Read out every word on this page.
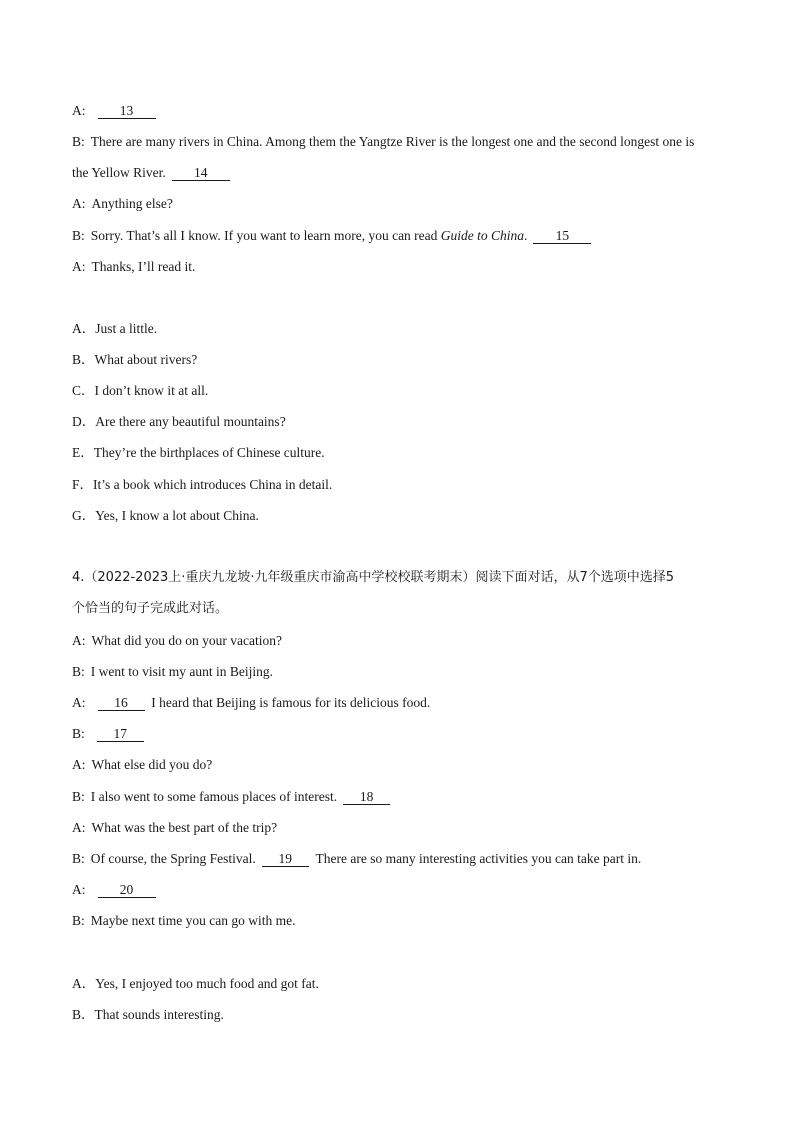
A:	13
B: There are many rivers in China. Among them the Yangtze River is the longest one and the second longest one is
the Yellow River. 14
A: Anything else?
B: Sorry. That’s all I know. If you want to learn more, you can read Guide to China. 15
A: Thanks, I’ll read it.
A．Just a little.
B．What about rivers?
C．I don’t know it at all.
D．Are there any beautiful mountains?
E．They’re the birthplaces of Chinese culture.
F．It’s a book which introduces China in detail.
G．Yes, I know a lot about China.
4.（2022-2023上·重庆九龙坡·九年级重庆市渝高中学校校联考期末）阅读下面对话，从7个选项中选择5
个恰当的句子完成此对话。
A: What did you do on your vacation?
B: I went to visit my aunt in Beijing.
A: 16 I heard that Beijing is famous for its delicious food.
B: 17
A: What else did you do?
B: I also went to some famous places of interest. 18
A: What was the best part of the trip?
B: Of course, the Spring Festival. 19 There are so many interesting activities you can take part in.
A:	20
B: Maybe next time you can go with me.
A．Yes, I enjoyed too much food and got fat.
B．That sounds interesting.
